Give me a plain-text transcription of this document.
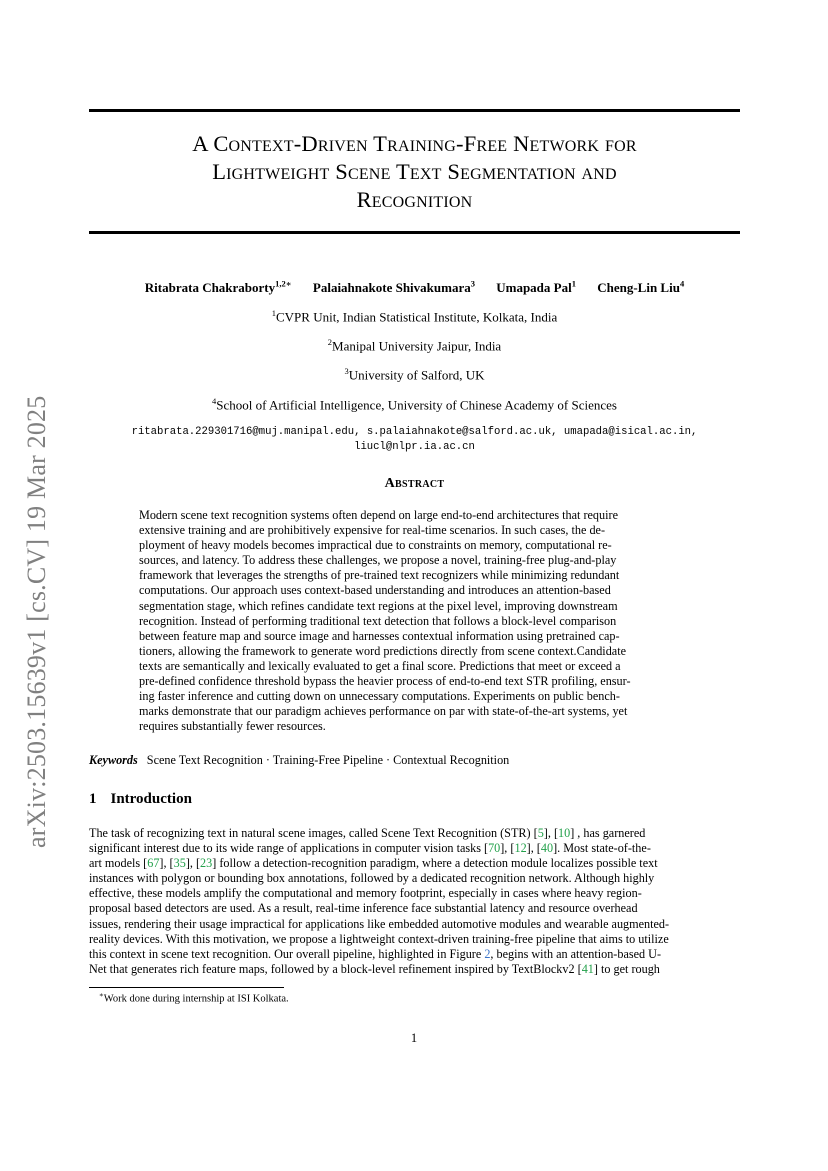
arXiv:2503.15639v1 [cs.CV] 19 Mar 2025
A Context-Driven Training-Free Network for
Lightweight Scene Text Segmentation and
Recognition
Ritabrata Chakraborty$^{1,2∗}$ Palaiahnakote Shivakumara$^3$ Umapada Pal$^1$ Cheng-Lin Liu$^4$
$^1$CVPR Unit, Indian Statistical Institute, Kolkata, India
$^2$Manipal University Jaipur, India
$^3$University of Salford, UK
$^4$School of Artificial Intelligence, University of Chinese Academy of Sciences
ritabrata.229301716@muj.manipal.edu, s.palaiahnakote@salford.ac.uk, umapada@isical.ac.in,
liucl@nlpr.ia.ac.cn
Abstract
Modern scene text recognition systems often depend on large end-to-end architectures that require
extensive training and are prohibitively expensive for real-time scenarios. In such cases, the de-
ployment of heavy models becomes impractical due to constraints on memory, computational re-
sources, and latency. To address these challenges, we propose a novel, training-free plug-and-play
framework that leverages the strengths of pre-trained text recognizers while minimizing redundant
computations. Our approach uses context-based understanding and introduces an attention-based
segmentation stage, which refines candidate text regions at the pixel level, improving downstream
recognition. Instead of performing traditional text detection that follows a block-level comparison
between feature map and source image and harnesses contextual information using pretrained cap-
tioners, allowing the framework to generate word predictions directly from scene context.Candidate
texts are semantically and lexically evaluated to get a final score. Predictions that meet or exceed a
pre-defined confidence threshold bypass the heavier process of end-to-end text STR profiling, ensur-
ing faster inference and cutting down on unnecessary computations. Experiments on public bench-
marks demonstrate that our paradigm achieves performance on par with state-of-the-art systems, yet
requires substantially fewer resources.
Keywords Scene Text Recognition · Training-Free Pipeline · Contextual Recognition
1 Introduction
The task of recognizing text in natural scene images, called Scene Text Recognition (STR) [5], [10] , has garnered
significant interest due to its wide range of applications in computer vision tasks [70], [12], [40]. Most state-of-the-
art models [67], [35], [23] follow a detection-recognition paradigm, where a detection module localizes possible text
instances with polygon or bounding box annotations, followed by a dedicated recognition network. Although highly
effective, these models amplify the computational and memory footprint, especially in cases where heavy region-
proposal based detectors are used. As a result, real-time inference face substantial latency and resource overhead
issues, rendering their usage impractical for applications like embedded automotive modules and wearable augmented-
reality devices. With this motivation, we propose a lightweight context-driven training-free pipeline that aims to utilize
this context in scene text recognition. Our overall pipeline, highlighted in Figure 2, begins with an attention-based U-
Net that generates rich feature maps, followed by a block-level refinement inspired by TextBlockv2 [41] to get rough
∗Work done during internship at ISI Kolkata.
1
